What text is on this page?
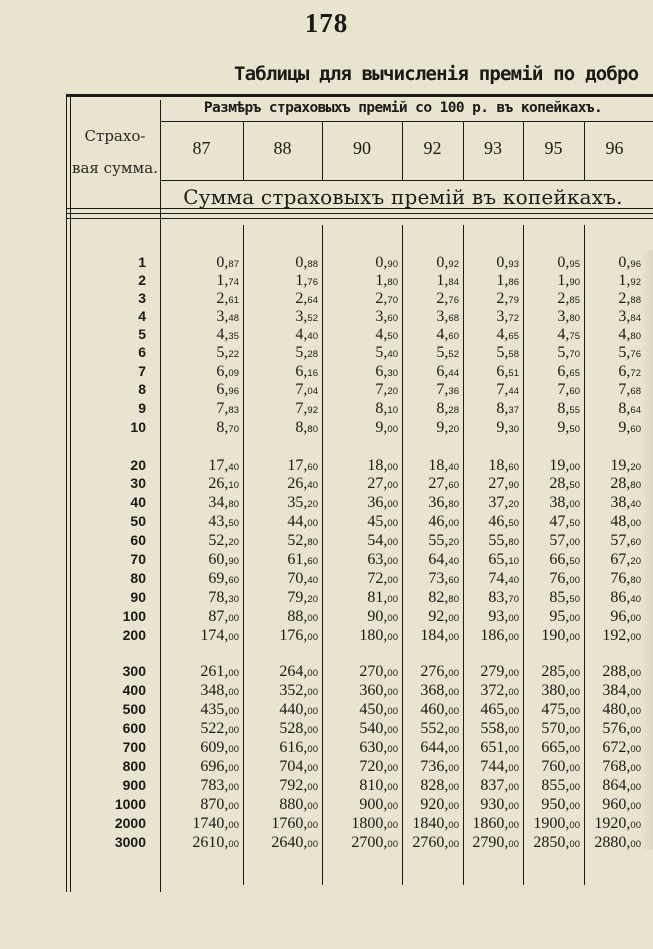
178
Таблицы для вычисленія премій по добро
Страхо-
вая сумма.
Размѣръ страховыхъ премій со 100 р. въ копейкахъ.
Сумма страховыхъ премій въ копейкахъ.
87	88	90	92	93	95	96
1	0,87	0,88	0,90	0,92	0,93	0,95	0,96
2	1,74	1,76	1,80	1,84	1,86	1,90	1,92
3	2,61	2,64	2,70	2,76	2,79	2,85	2,88
4	3,48	3,52	3,60	3,68	3,72	3,80	3,84
5	4,35	4,40	4,50	4,60	4,65	4,75	4,80
6	5,22	5,28	5,40	5,52	5,58	5,70	5,76
7	6,09	6,16	6,30	6,44	6,51	6,65	6,72
8	6,96	7,04	7,20	7,36	7,44	7,60	7,68
9	7,83	7,92	8,10	8,28	8,37	8,55	8,64
10	8,70	8,80	9,00	9,20	9,30	9,50	9,60
20	17,40	17,60	18,00	18,40	18,60	19,00	19,20
30	26,10	26,40	27,00	27,60	27,90	28,50	28,80
40	34,80	35,20	36,00	36,80	37,20	38,00	38,40
50	43,50	44,00	45,00	46,00	46,50	47,50	48,00
60	52,20	52,80	54,00	55,20	55,80	57,00	57,60
70	60,90	61,60	63,00	64,40	65,10	66,50	67,20
80	69,60	70,40	72,00	73,60	74,40	76,00	76,80
90	78,30	79,20	81,00	82,80	83,70	85,50	86,40
100	87,00	88,00	90,00	92,00	93,00	95,00	96,00
200	174,00	176,00	180,00	184,00	186,00	190,00	192,00
300	261,00	264,00	270,00	276,00	279,00	285,00	288,00
400	348,00	352,00	360,00	368,00	372,00	380,00	384,00
500	435,00	440,00	450,00	460,00	465,00	475,00	480,00
600	522,00	528,00	540,00	552,00	558,00	570,00	576,00
700	609,00	616,00	630,00	644,00	651,00	665,00	672,00
800	696,00	704,00	720,00	736,00	744,00	760,00	768,00
900	783,00	792,00	810,00	828,00	837,00	855,00	864,00
1000	870,00	880,00	900,00	920,00	930,00	950,00	960,00
2000	1740,00	1760,00	1800,00 1840,00 1860,00 1900,00 1920,00
3000	2610,00	2640,00	2700,00 2760,00 2790,00 2850,00 2880,00
